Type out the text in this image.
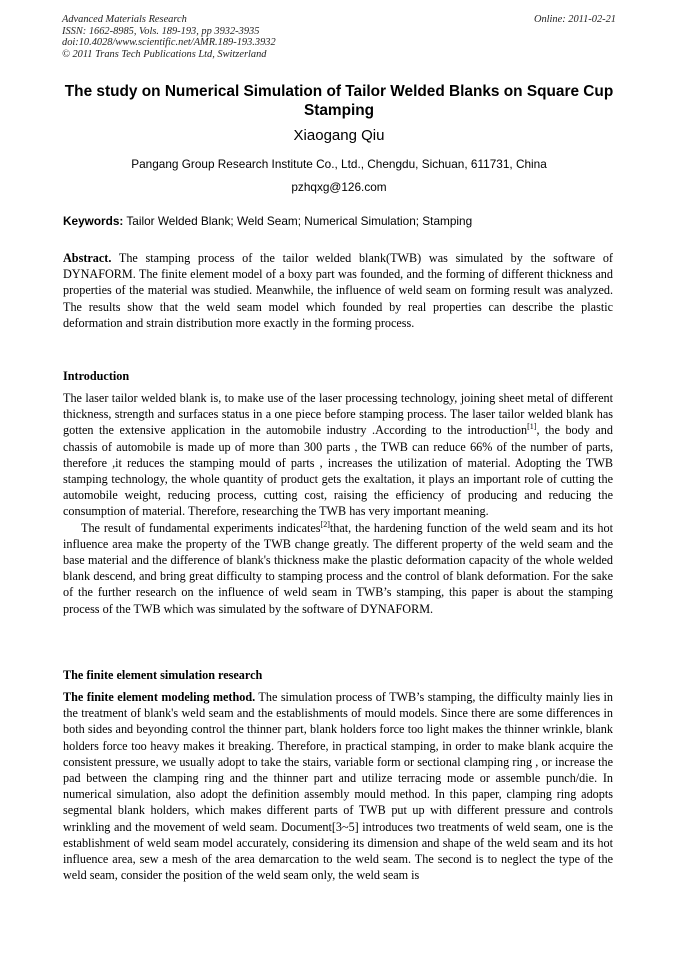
Advanced Materials Research
ISSN: 1662-8985, Vols. 189-193, pp 3932-3935
doi:10.4028/www.scientific.net/AMR.189-193.3932
© 2011 Trans Tech Publications Ltd, Switzerland
Online: 2011-02-21
The study on Numerical Simulation of Tailor Welded Blanks on Square Cup Stamping
Xiaogang Qiu
Pangang Group Research Institute Co., Ltd., Chengdu, Sichuan, 611731, China
pzhqxg@126.com
Keywords: Tailor Welded Blank; Weld Seam; Numerical Simulation; Stamping
Abstract. The stamping process of the tailor welded blank(TWB) was simulated by the software of DYNAFORM. The finite element model of a boxy part was founded, and the forming of different thickness and properties of the material was studied. Meanwhile, the influence of weld seam on forming result was analyzed. The results show that the weld seam model which founded by real properties can describe the plastic deformation and strain distribution more exactly in the forming process.
Introduction
The laser tailor welded blank is, to make use of the laser processing technology, joining sheet metal of different thickness, strength and surfaces status in a one piece before stamping process. The laser tailor welded blank has gotten the extensive application in the automobile industry .According to the introduction[1], the body and chassis of automobile is made up of more than 300 parts , the TWB can reduce 66% of the number of parts, therefore ,it reduces the stamping mould of parts , increases the utilization of material. Adopting the TWB stamping technology, the whole quantity of product gets the exaltation, it plays an important role of cutting the automobile weight, reducing process, cutting cost, raising the efficiency of producing and reducing the consumption of material. Therefore, researching the TWB has very important meaning.
The result of fundamental experiments indicates[2]that, the hardening function of the weld seam and its hot influence area make the property of the TWB change greatly. The different property of the weld seam and the base material and the difference of blank's thickness make the plastic deformation capacity of the whole welded blank descend, and bring great difficulty to stamping process and the control of blank deformation. For the sake of the further research on the influence of weld seam in TWB’s stamping, this paper is about the stamping process of the TWB which was simulated by the software of DYNAFORM.
The finite element simulation research
The finite element modeling method. The simulation process of TWB’s stamping, the difficulty mainly lies in the treatment of blank's weld seam and the establishments of mould models. Since there are some differences in both sides and beyonding control the thinner part, blank holders force too light makes the thinner wrinkle, blank holders force too heavy makes it breaking. Therefore, in practical stamping, in order to make blank acquire the consistent pressure, we usually adopt to take the stairs, variable form or sectional clamping ring , or increase the pad between the clamping ring and the thinner part and utilize terracing mode or assemble punch/die. In numerical simulation, also adopt the definition assembly mould method. In this paper, clamping ring adopts segmental blank holders, which makes different parts of TWB put up with different pressure and controls wrinkling and the movement of weld seam. Document[3~5] introduces two treatments of weld seam, one is the establishment of weld seam model accurately, considering its dimension and shape of the weld seam and its hot influence area, sew a mesh of the area demarcation to the weld seam. The second is to neglect the type of the weld seam, consider the position of the weld seam only, the weld seam is
